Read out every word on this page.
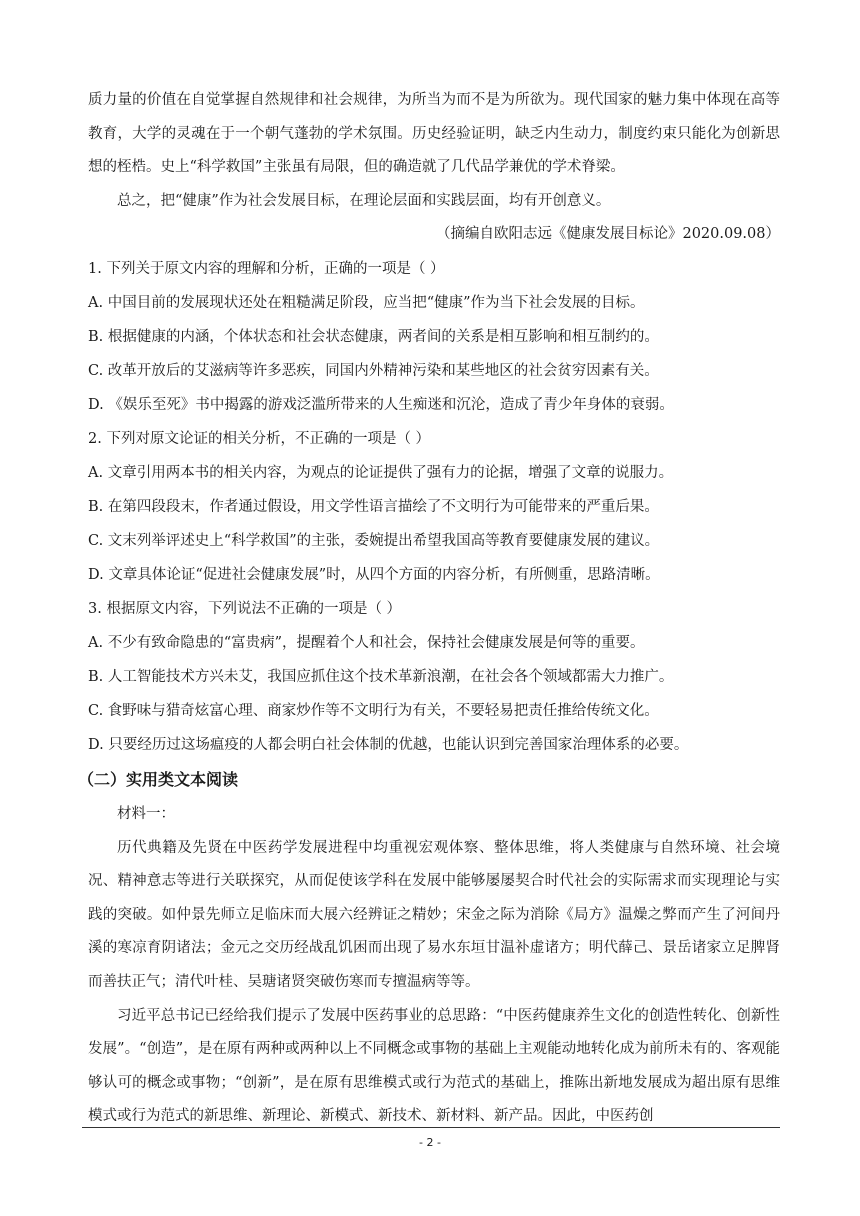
质力量的价值在自觉掌握自然规律和社会规律，为所当为而不是为所欲为。现代国家的魅力集中体现在高等教育，大学的灵魂在于一个朝气蓬勃的学术氛围。历史经验证明，缺乏内生动力，制度约束只能化为创新思想的桎梏。史上“科学救国”主张虽有局限，但的确造就了几代品学兼优的学术脊梁。

总之，把“健康”作为社会发展目标，在理论层面和实践层面，均有开创意义。

（摘编自欧阳志远《健康发展目标论》2020.09.08）

1. 下列关于原文内容的理解和分析，正确的一项是（ ）

A. 中国目前的发展现状还处在粗糙满足阶段，应当把“健康”作为当下社会发展的目标。

B. 根据健康的内涵，个体状态和社会状态健康，两者间的关系是相互影响和相互制约的。

C. 改革开放后的艾滋病等许多恶疾，同国内外精神污染和某些地区的社会贫穷因素有关。

D. 《娱乐至死》书中揭露的游戏泛滥所带来的人生痴迷和沉沦，造成了青少年身体的衰弱。

2. 下列对原文论证的相关分析，不正确的一项是（ ）

A. 文章引用两本书的相关内容，为观点的论证提供了强有力的论据，增强了文章的说服力。

B. 在第四段段末，作者通过假设，用文学性语言描绘了不文明行为可能带来的严重后果。

C. 文末列举评述史上“科学救国”的主张，委婉提出希望我国高等教育要健康发展的建议。

D. 文章具体论证“促进社会健康发展”时，从四个方面的内容分析，有所侧重，思路清晰。

3. 根据原文内容，下列说法不正确的一项是（ ）

A. 不少有致命隐患的“富贵病”，提醒着个人和社会，保持社会健康发展是何等的重要。

B. 人工智能技术方兴未艾，我国应抓住这个技术革新浪潮，在社会各个领域都需大力推广。

C. 食野味与猎奇炫富心理、商家炒作等不文明行为有关，不要轻易把责任推给传统文化。

D. 只要经历过这场瘟疫的人都会明白社会体制的优越，也能认识到完善国家治理体系的必要。

（二）实用类文本阅读

材料一：

历代典籍及先贤在中医药学发展进程中均重视宏观体察、整体思维，将人类健康与自然环境、社会境况、精神意志等进行关联探究，从而促使该学科在发展中能够屡屡契合时代社会的实际需求而实现理论与实践的突破。如仲景先师立足临床而大展六经辨证之精妙；宋金之际为消除《局方》温燥之弊而产生了河间丹溪的寒凉育阴诸法；金元之交历经战乱饥困而出现了易水东垣甘温补虚诸方；明代薛己、景岳诸家立足脾肾而善扶正气；清代叶桂、吴瑭诸贤突破伤寒而专擅温病等等。

习近平总书记已经给我们提示了发展中医药事业的总思路：“中医药健康养生文化的创造性转化、创新性发展”。“创造”，是在原有两种或两种以上不同概念或事物的基础上主观能动地转化成为前所未有的、客观能够认可的概念或事物；“创新”，是在原有思维模式或行为范式的基础上，推陈出新地发展成为超出原有思维模式或行为范式的新思维、新理论、新模式、新技术、新材料、新产品。因此，中医药创

- 2 -
